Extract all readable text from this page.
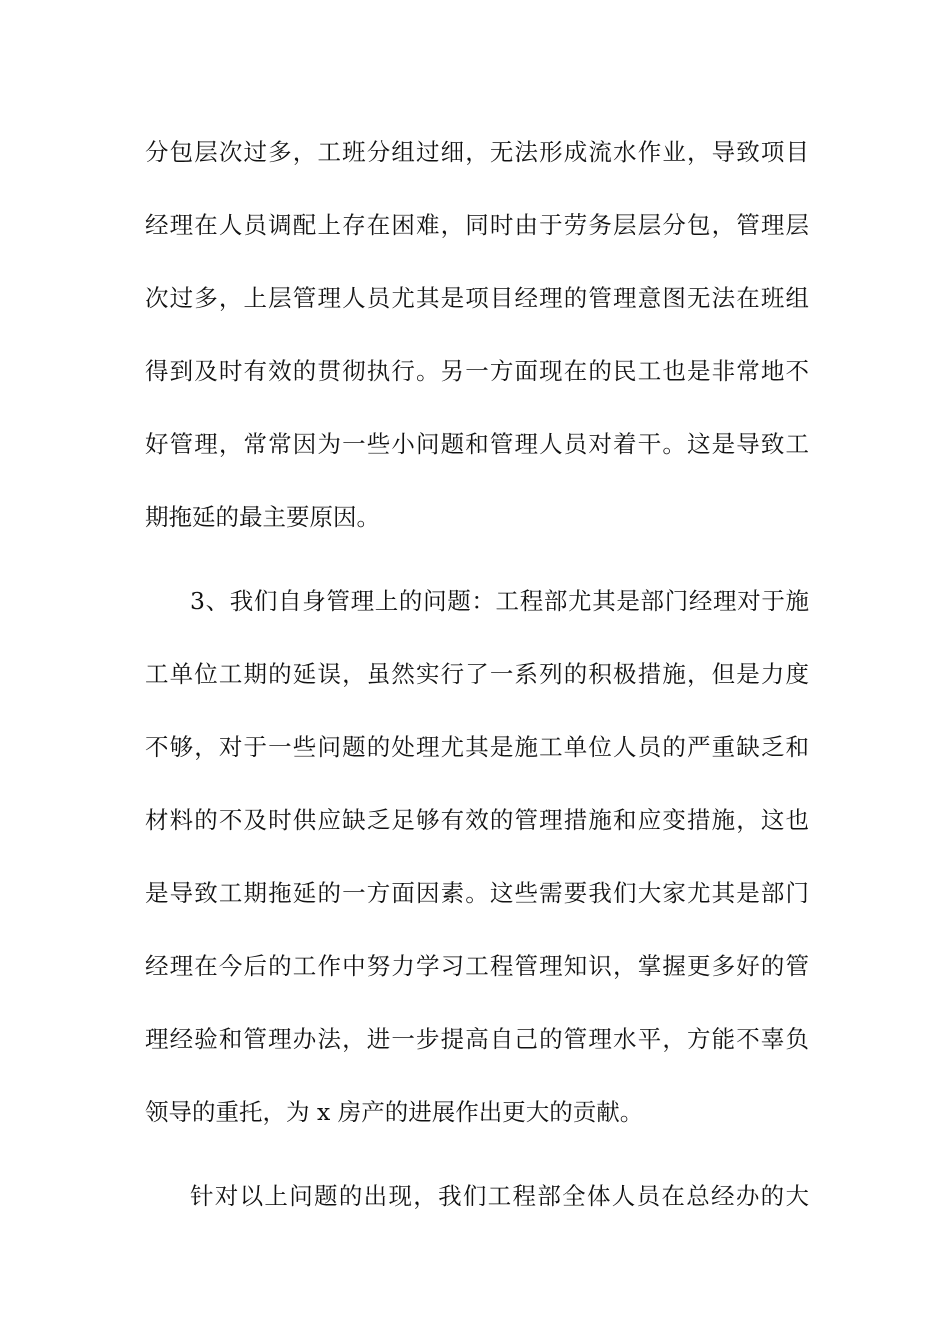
分包层次过多，工班分组过细，无法形成流水作业，导致项目
经理在人员调配上存在困难，同时由于劳务层层分包，管理层
次过多，上层管理人员尤其是项目经理的管理意图无法在班组
得到及时有效的贯彻执行。另一方面现在的民工也是非常地不
好管理，常常因为一些小问题和管理人员对着干。这是导致工
期拖延的最主要原因。
3、我们自身管理上的问题：工程部尤其是部门经理对于施
工单位工期的延误，虽然实行了一系列的积极措施，但是力度
不够，对于一些问题的处理尤其是施工单位人员的严重缺乏和
材料的不及时供应缺乏足够有效的管理措施和应变措施，这也
是导致工期拖延的一方面因素。这些需要我们大家尤其是部门
经理在今后的工作中努力学习工程管理知识，掌握更多好的管
理经验和管理办法，进一步提高自己的管理水平，方能不辜负
领导的重托，为 x 房产的进展作出更大的贡献。
针对以上问题的出现，我们工程部全体人员在总经办的大
